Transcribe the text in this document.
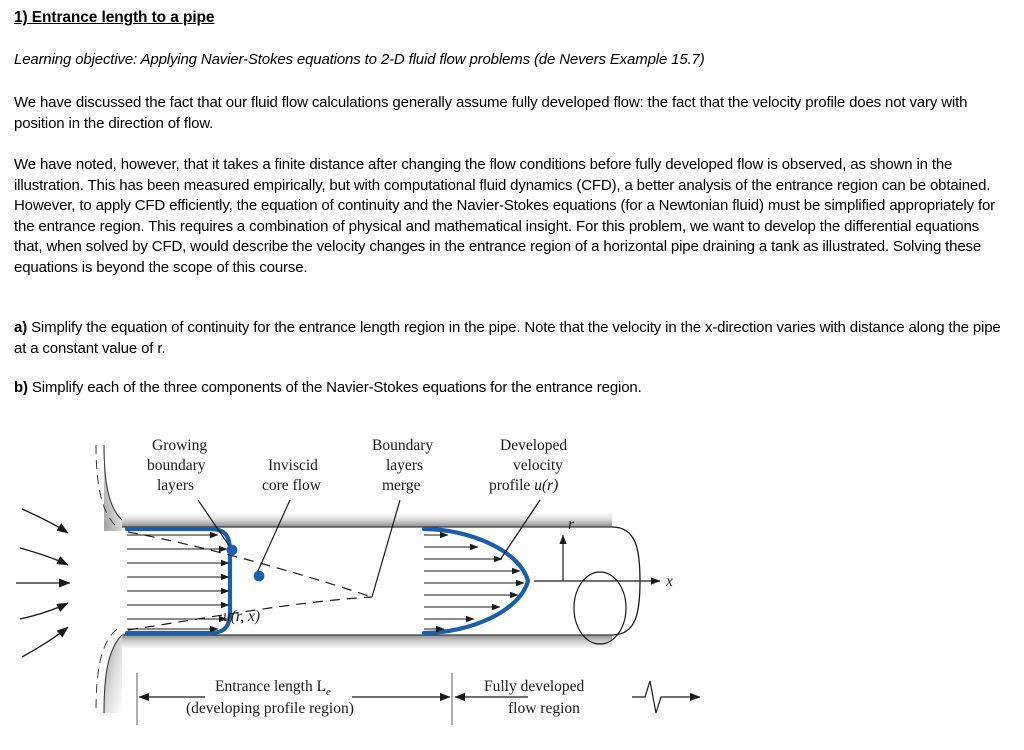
1) Entrance length to a pipe
Learning objective: Applying Navier-Stokes equations to 2-D fluid flow problems (de Nevers Example 15.7)

We have discussed the fact that our fluid flow calculations generally assume fully developed flow: the fact that the velocity profile does not vary with position in the direction of flow.

We have noted, however, that it takes a finite distance after changing the flow conditions before fully developed flow is observed, as shown in the illustration. This has been measured empirically, but with computational fluid dynamics (CFD), a better analysis of the entrance region can be obtained. However, to apply CFD efficiently, the equation of continuity and the Navier-Stokes equations (for a Newtonian fluid) must be simplified appropriately for the entrance region. This requires a combination of physical and mathematical insight. For this problem, we want to develop the differential equations that, when solved by CFD, would describe the velocity changes in the entrance region of a horizontal pipe draining a tank as illustrated. Solving these equations is beyond the scope of this course.

a) Simplify the equation of continuity for the entrance length region in the pipe. Note that the velocity in the x-direction varies with distance along the pipe at a constant value of r.

b) Simplify each of the three components of the Navier-Stokes equations for the entrance region.

r
x
Growing
boundary
layers
Inviscid
core flow
Boundary
layers
merge
Developed
velocity
profile u(r)
u(r, x)
Entrance length $L_e$
(developing profile region)
Fully developed
flow region
